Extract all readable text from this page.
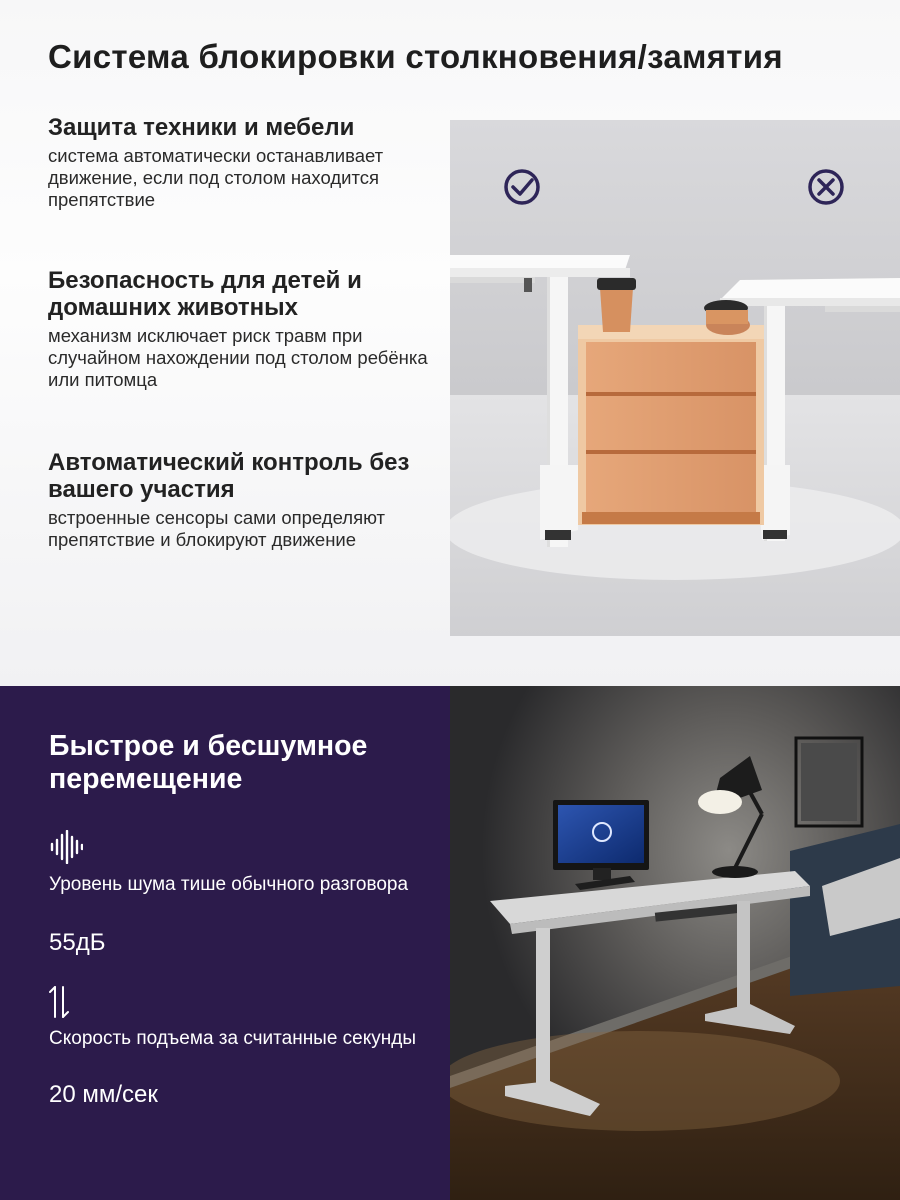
Система блокировки столкновения/замятия
Защита техники и мебели
система автоматически останавливает движение, если под столом находится препятствие
Безопасность для детей и домашних животных
механизм исключает риск травм при случайном нахождении под столом ребёнка или питомца
Автоматический контроль без вашего участия
встроенные сенсоры сами определяют препятствие и блокируют движение
Быстрое и бесшумное перемещение
Уровень шума тише обычного разговора
55дБ
Скорость подъема за считанные секунды
20 мм/сек
